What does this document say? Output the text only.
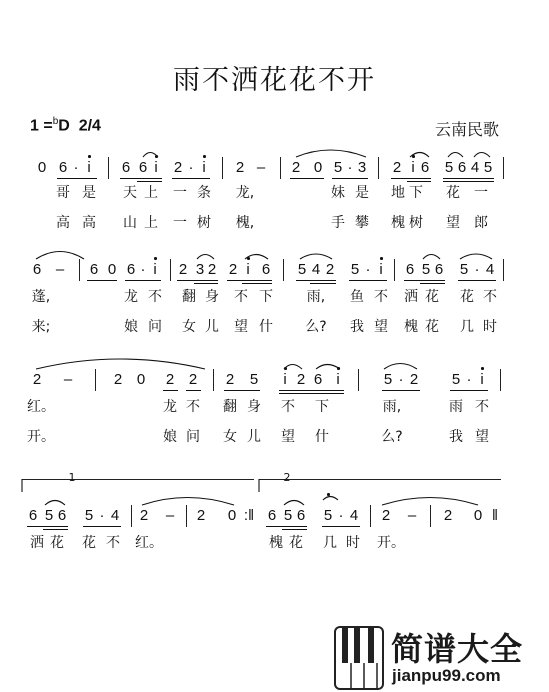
雨不洒花花不开
1 =$^b$D 2/4	云南民歌
0 6 · i 6 6 i 2 · i 2 – 2 0 5 · 3 2 i 6 5 6 4 5
哥 是 天 上 一 条 龙,	妹 是 地 下 花 一
高 高 山 上 一 树 槐,	手 攀 槐 树 望 郎
6 – 6 0 6 · i 2 3 2 2 i 6 5 4 2 5 · i 6 5 6 5 · 4
蓬,	龙 不 翻 身 不 下 雨, 鱼 不 洒 花 花 不
来;	娘 问 女 儿 望 什 么? 我 望 槐 花 几 时
2 –	2 0 2 2 2 5 i 2 6 i	5 · 2 5 · i
红。	龙 不 翻 身 不 下	雨,	雨 不
开。	娘 问 女 儿 望 什	么?	我 望
1	2
6 5 6 5 · 4 2 – 2 0 :‖ 6 5 6 5 · 4 2 – 2 0 ‖
洒 花 花 不 红。	槐 花 几 时 开。
简谱大全
jianpu99.com
